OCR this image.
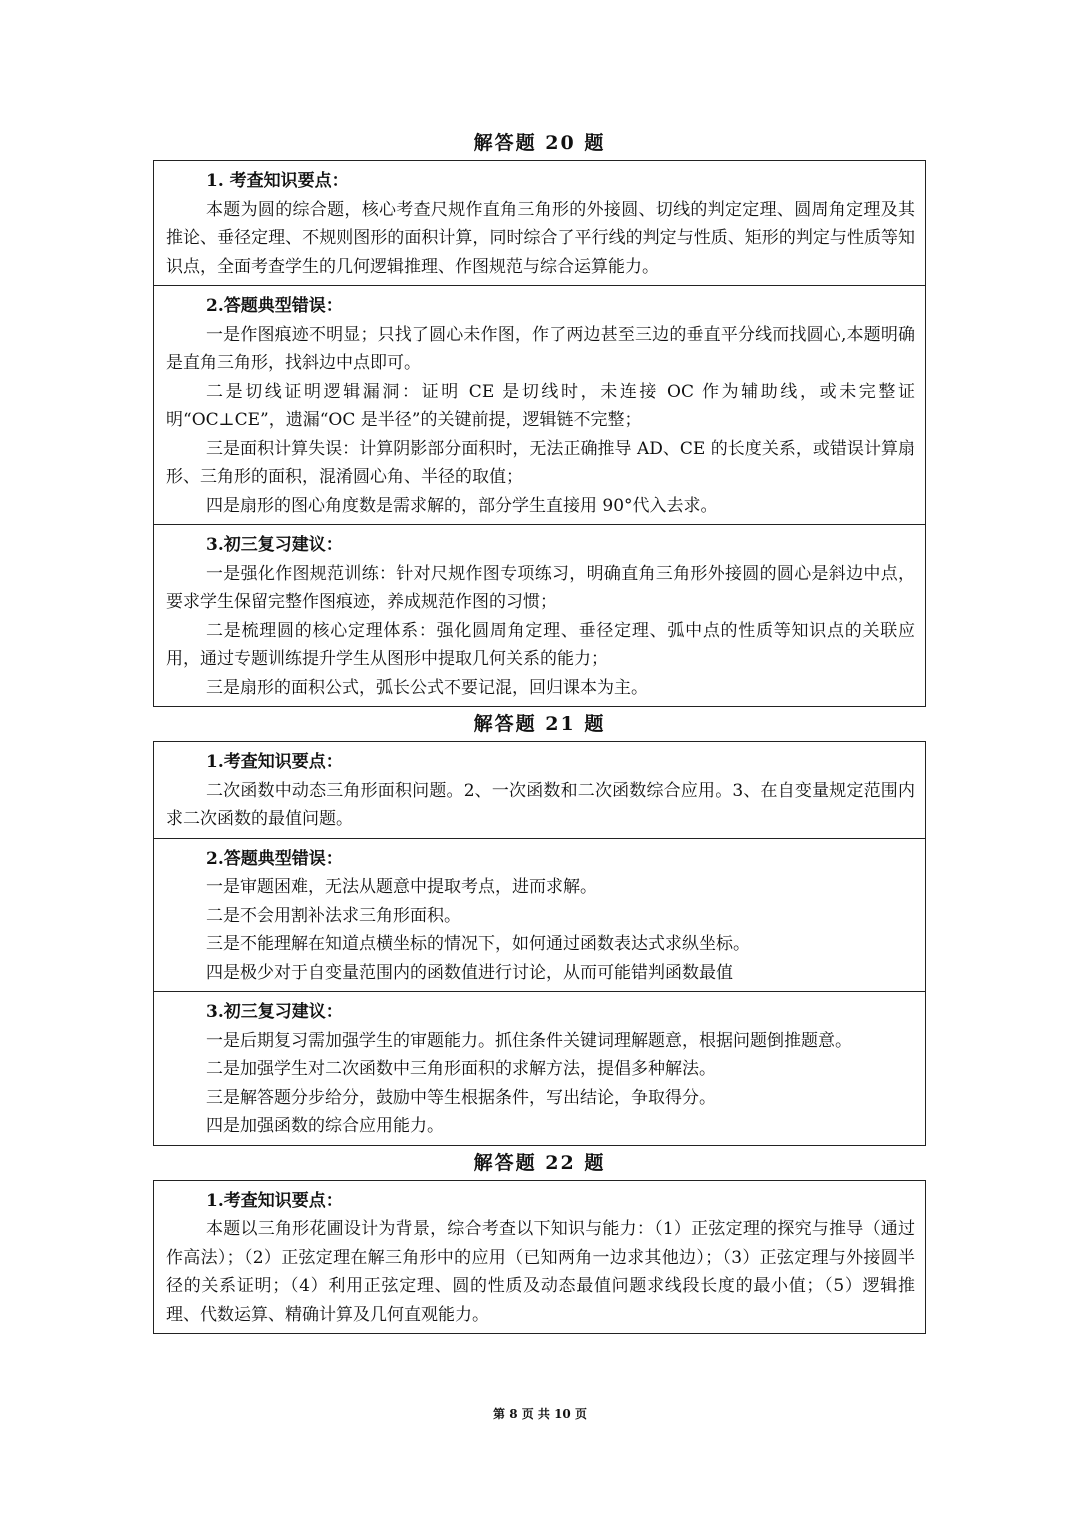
解答题 20 题
1. 考查知识要点：
本题为圆的综合题，核心考查尺规作直角三角形的外接圆、切线的判定定理、圆周角定理及其推论、垂径定理、不规则图形的面积计算，同时综合了平行线的判定与性质、矩形的判定与性质等知识点，全面考查学生的几何逻辑推理、作图规范与综合运算能力。
2.答题典型错误：
一是作图痕迹不明显；只找了圆心未作图，作了两边甚至三边的垂直平分线而找圆心,本题明确是直角三角形，找斜边中点即可。
二是切线证明逻辑漏洞：证明 CE 是切线时，未连接 OC 作为辅助线，或未完整证明“OC⊥CE”，遗漏“OC 是半径”的关键前提，逻辑链不完整；
三是面积计算失误：计算阴影部分面积时，无法正确推导 AD、CE 的长度关系，或错误计算扇形、三角形的面积，混淆圆心角、半径的取值；
四是扇形的图心角度数是需求解的，部分学生直接用 90°代入去求。
3.初三复习建议：
一是强化作图规范训练：针对尺规作图专项练习，明确直角三角形外接圆的圆心是斜边中点，要求学生保留完整作图痕迹，养成规范作图的习惯；
二是梳理圆的核心定理体系：强化圆周角定理、垂径定理、弧中点的性质等知识点的关联应用，通过专题训练提升学生从图形中提取几何关系的能力；
三是扇形的面积公式，弧长公式不要记混，回归课本为主。
解答题 21 题
1.考查知识要点：
二次函数中动态三角形面积问题。2、一次函数和二次函数综合应用。3、在自变量规定范围内求二次函数的最值问题。
2.答题典型错误：
一是审题困难，无法从题意中提取考点，进而求解。
二是不会用割补法求三角形面积。
三是不能理解在知道点横坐标的情况下，如何通过函数表达式求纵坐标。
四是极少对于自变量范围内的函数值进行讨论，从而可能错判函数最值
3.初三复习建议：
一是后期复习需加强学生的审题能力。抓住条件关键词理解题意，根据问题倒推题意。
二是加强学生对二次函数中三角形面积的求解方法，提倡多种解法。
三是解答题分步给分，鼓励中等生根据条件，写出结论，争取得分。
四是加强函数的综合应用能力。
解答题 22 题
1.考查知识要点：
本题以三角形花圃设计为背景，综合考查以下知识与能力：（1）正弦定理的探究与推导（通过作高法）；（2）正弦定理在解三角形中的应用（已知两角一边求其他边）；（3）正弦定理与外接圆半径的关系证明；（4）利用正弦定理、圆的性质及动态最值问题求线段长度的最小值；（5）逻辑推理、代数运算、精确计算及几何直观能力。
第 8 页 共 10 页
